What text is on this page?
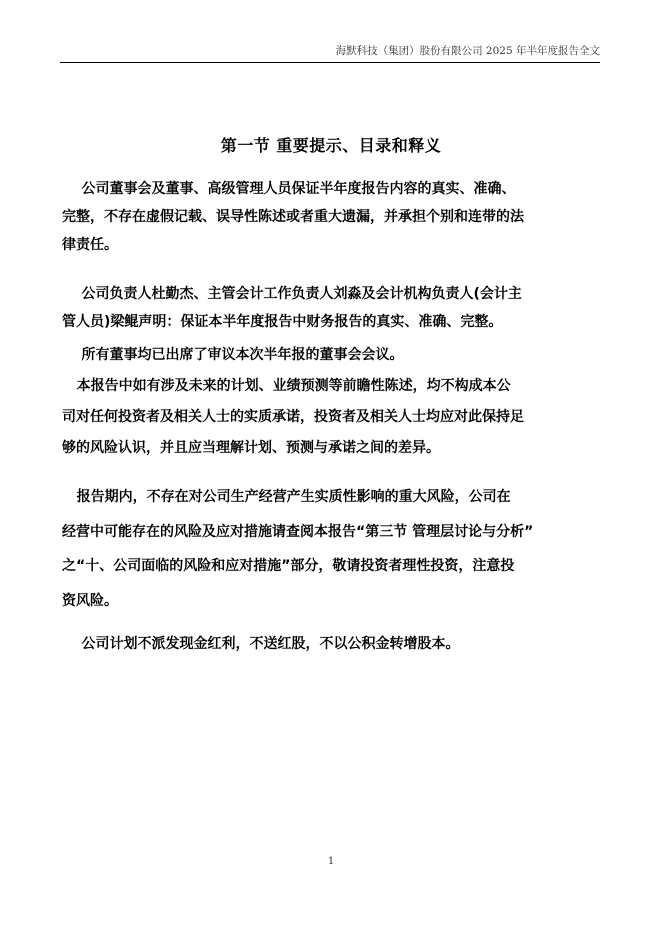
海默科技（集团）股份有限公司 2025 年半年度报告全文
第一节 重要提示、目录和释义
公司董事会及董事、高级管理人员保证半年度报告内容的真实、准确、
完整，不存在虚假记载、误导性陈述或者重大遗漏，并承担个别和连带的法
律责任。
公司负责人杜勤杰、主管会计工作负责人刘淼及会计机构负责人(会计主
管人员)梁鲲声明：保证本半年度报告中财务报告的真实、准确、完整。
所有董事均已出席了审议本次半年报的董事会会议。
本报告中如有涉及未来的计划、业绩预测等前瞻性陈述，均不构成本公
司对任何投资者及相关人士的实质承诺，投资者及相关人士均应对此保持足
够的风险认识，并且应当理解计划、预测与承诺之间的差异。
报告期内，不存在对公司生产经营产生实质性影响的重大风险，公司在
经营中可能存在的风险及应对措施请查阅本报告“第三节 管理层讨论与分析”
之“十、公司面临的风险和应对措施”部分，敬请投资者理性投资，注意投
资风险。
公司计划不派发现金红利，不送红股，不以公积金转增股本。
1
